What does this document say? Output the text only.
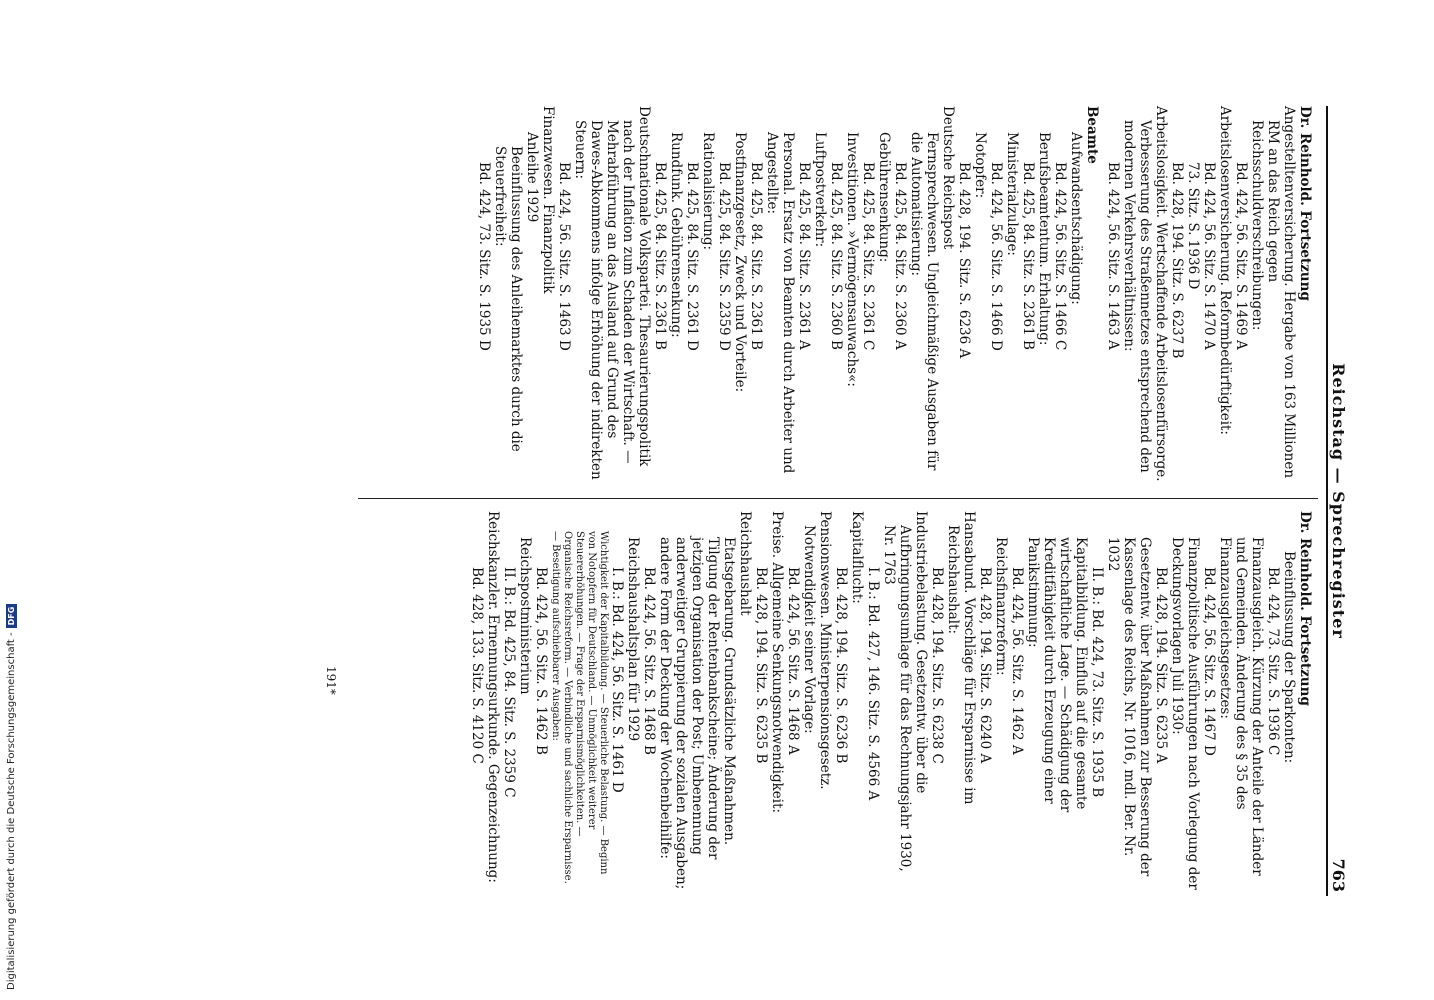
Reichstag — Sprechregister
763

Dr. Reinhold. Fortsetzung

Angestelltenversicherung. Hergabe von 163 Millionen RM an das Reich gegen Reichsschuldverschreibungen:

Bd. 424, 56. Sitz. S. 1469 A

Arbeitslosenversicherung. Reformbedürftigkeit:

Bd. 424, 56. Sitz. S. 1470 A

73. Sitz. S. 1936 D

Bd. 428, 194. Sitz. S. 6237 B

Arbeitslosigkeit. Wertschaffende Arbeitslosenfürsorge. Verbesserung des Straßennetzes entsprechend den modernen Verkehrsverhältnissen:

Bd. 424, 56. Sitz. S. 1463 A

Beamte

Aufwandsentschädigung:

Bd. 424, 56. Sitz. S. 1466 C

Berufsbeamtentum. Erhaltung:

Bd. 425, 84. Sitz. S. 2361 B

Ministerialzulage:

Bd. 424, 56. Sitz. S. 1466 D

Notopfer:

Bd. 428, 194. Sitz. S. 6236 A

Deutsche Reichspost

Fernsprechwesen. Ungleichmäßige Ausgaben für die Automatisierung:

Bd. 425, 84. Sitz. S. 2360 A

Gebührensenkung:

Bd. 425, 84. Sitz. S. 2361 C

Investitionen. »Vermögensauwachs«:

Bd. 425, 84. Sitz. S. 2360 B

Luftpostverkehr:

Bd. 425, 84. Sitz. S. 2361 A

Personal. Ersatz von Beamten durch Arbeiter und Angestellte:

Bd. 425, 84. Sitz. S. 2361 B

Postfinanzgesetz, Zweck und Vorteile:

Bd. 425, 84. Sitz. S. 2359 D

Rationalisierung:

Bd. 425, 84. Sitz. S. 2361 D

Rundfunk. Gebührensenkung:

Bd. 425, 84. Sitz. S. 2361 B

Deutschnationale Volkspartei. Thesaurierungspolitik nach der Inflation zum Schaden der Wirtschaft. — Mehrabführung an das Ausland auf Grund des Dawes-Abkommens infolge Erhöhung der indirekten Steuern:

Bd. 424, 56. Sitz. S. 1463 D

Finanzwesen. Finanzpolitik

Anleihe 1929

Beeinflussung des Anleihemarktes durch die Steuerfreiheit:

Bd. 424, 73. Sitz. S. 1935 D

Dr. Reinhold. Fortsetzung

Beeinflussung der Sparkonten:

Bd. 424, 73. Sitz. S. 1936 C

Finanzausgleich. Kürzung der Anteile der Länder und Gemeinden. Änderung des § 35 des Finanzausgleichsgesetzes:

Bd. 424, 56. Sitz. S. 1467 D

Finanzpolitische Ausführungen nach Vorlegung der Deckungsvorlagen Juli 1930:

Bd. 428, 194. Sitz. S. 6235 A

Gesetzentw. über Maßnahmen zur Besserung der Kassenlage des Reichs, Nr. 1016, mdl. Ber. Nr. 1032

II. B.: Bd. 424, 73. Sitz. S. 1935 B

Kapitalbildung. Einfluß auf die gesamte wirtschaftliche Lage. — Schädigung der Kreditfähigkeit durch Erzeugung einer Panikstimmung:

Bd. 424, 56. Sitz. S. 1462 A

Reichsfinanzreform:

Bd. 428, 194. Sitz. S. 6240 A

Hansabund. Vorschläge für Ersparnisse im Reichshaushalt:

Bd. 428, 194. Sitz. S. 6238 C

Industriebelastung. Gesetzentw. über die Aufbringungsumlage für das Rechnungsjahr 1930, Nr. 1763

I. B.: Bd. 427, 146. Sitz. S. 4566 A

Kapitalflucht:

Bd. 428, 194. Sitz. S. 6236 B

Pensionswesen. Ministerpensionsgesetz. Notwendigkeit seiner Vorlage:

Bd. 424, 56. Sitz. S. 1468 A

Preise. Allgemeine Senkungsnotwendigkeit:

Bd. 428, 194. Sitz. S. 6235 B

Reichshaushalt

Etatsgebarung. Grundsätzliche Maßnahmen. Tilgung der Rentenbankscheine; Änderung der jetzigen Organisation der Post; Umbenennung anderweitiger Gruppierung der sozialen Ausgaben; andere Form der Deckung der Wochenbeihilfe:

Bd. 424, 56. Sitz. S. 1468 B

Reichshaushaltsplan für 1929

I. B.: Bd. 424, 56. Sitz. S. 1461 D

Wichtigkeit der Kapitalbildung. — Steuerliche Belastung. — Beginn von Notopfern für Deutschland. — Unmöglichkeit weiterer Steuererhöhungen. — Frage der Ersparnismöglichkeiten. — Organische Reichsreform. — Verbindliche und sachliche Ersparnisse. — Beseitigung aufschiebbarer Ausgaben:

Bd. 424, 56. Sitz. S. 1462 B

Reichspostministerium

II. B.: Bd. 425, 84. Sitz. S. 2359 C

Reichskanzler. Ernennungsurkunde. Gegenzeichnung:

Bd. 428, 133. Sitz. S. 4120 C

191*
Digitalisierung gefördert durch die Deutsche Forschungsgemeinschaft -
DFG
